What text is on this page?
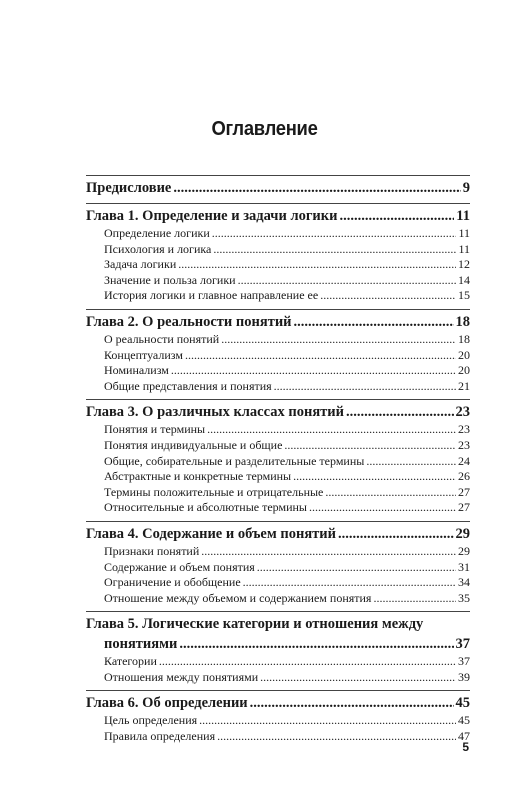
Оглавление
Предисловие .....	9
Глава 1. Определение и задачи логики .....	11
Определение логики .....	11
Психология и логика .....	11
Задача логики .....	12
Значение и польза логики .....	14
История логики и главное направление ее .....	15
Глава 2. О реальности понятий .....	18
О реальности понятий .....	18
Концептуализм .....	20
Номинализм .....	20
Общие представления и понятия .....	21
Глава 3. О различных классах понятий .....	23
Понятия и термины .....	23
Понятия индивидуальные и общие .....	23
Общие, собирательные и разделительные термины .....	24
Абстрактные и конкретные термины .....	26
Термины положительные и отрицательные .....	27
Относительные и абсолютные термины .....	27
Глава 4. Содержание и объем понятий .....	29
Признаки понятий .....	29
Содержание и объем понятия .....	31
Ограничение и обобщение .....	34
Отношение между объемом и содержанием понятия .....	35
Глава 5. Логические категории и отношения между
понятиями .....	37
Категории .....	37
Отношения между понятиями .....	39
Глава 6. Об определении .....	45
Цель определения .....	45
Правила определения .....	47
5
